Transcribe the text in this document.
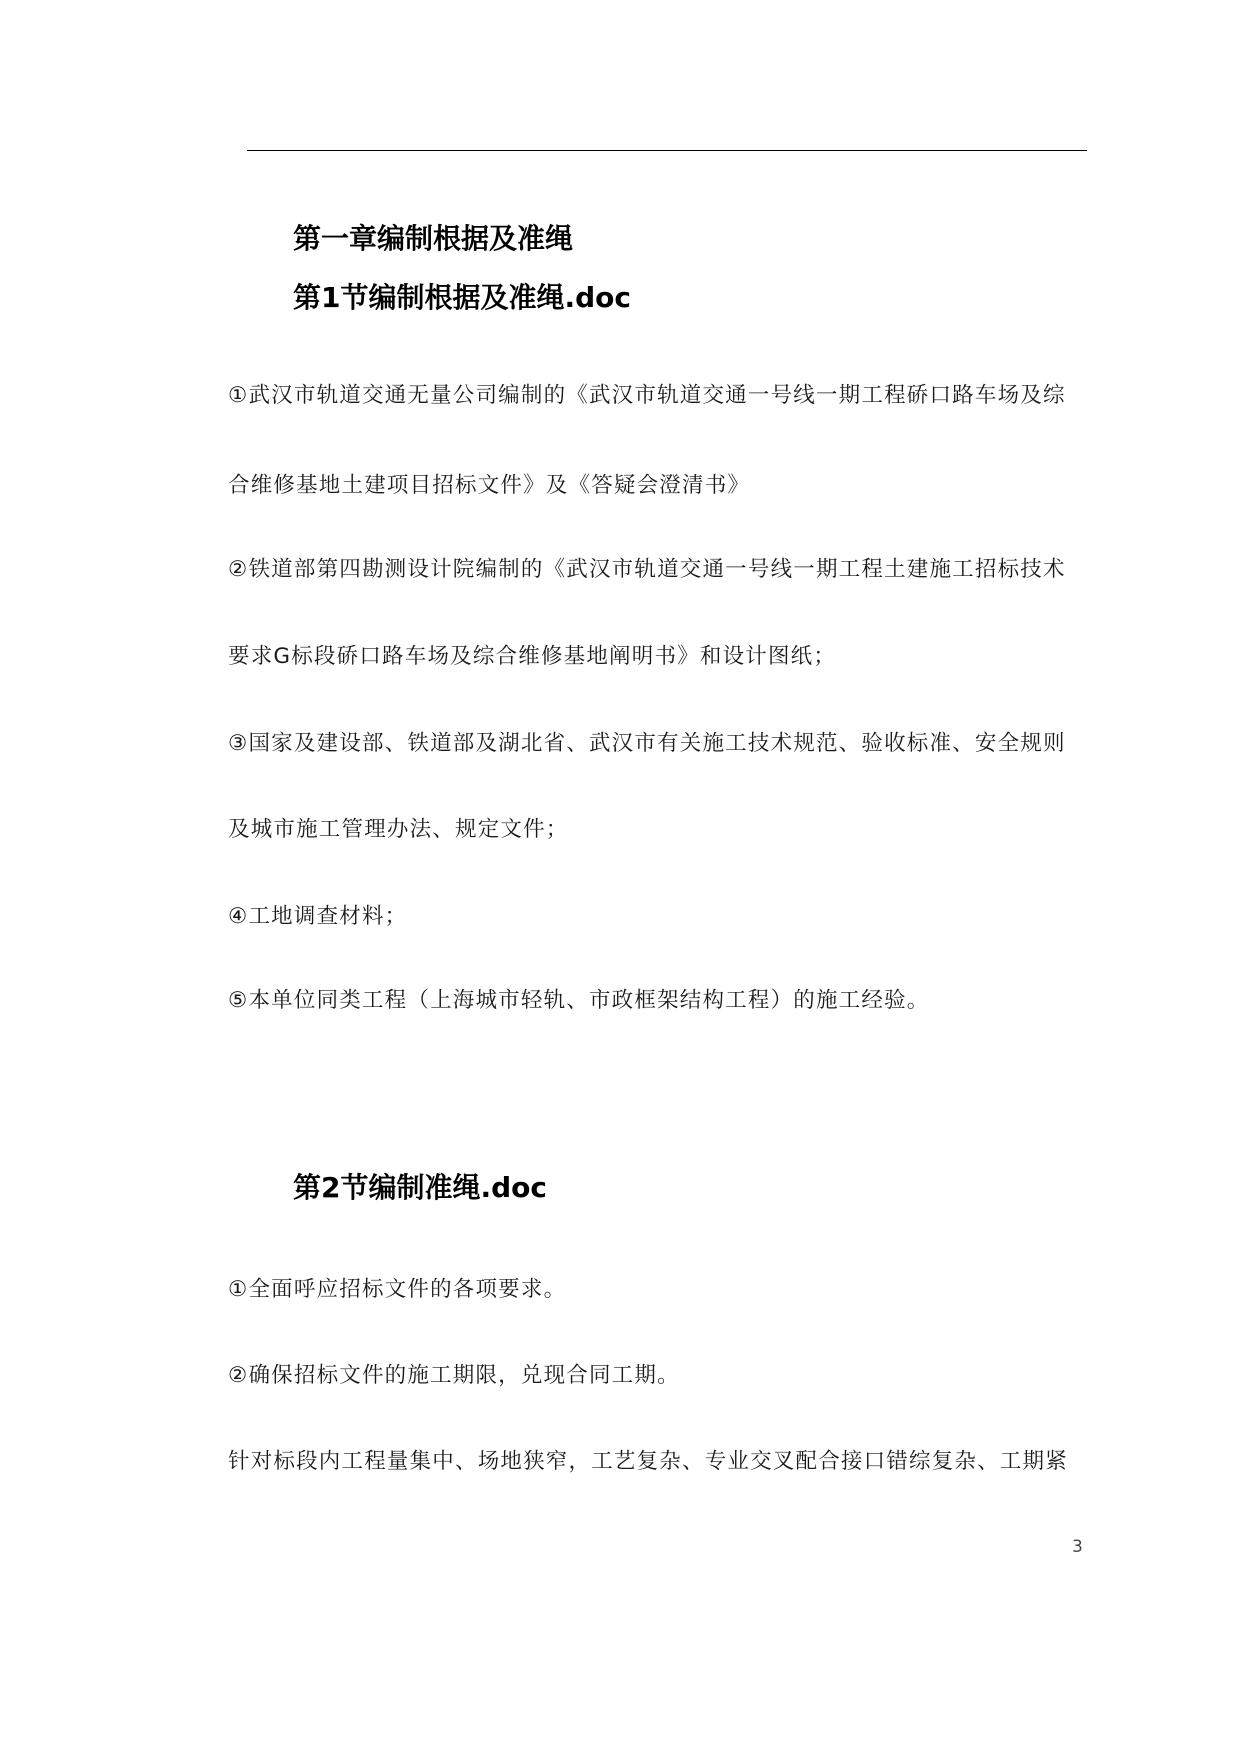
第一章编制根据及准绳
第1节编制根据及准绳.doc
①武汉市轨道交通无量公司编制的《武汉市轨道交通一号线一期工程硚口路车场及综
合维修基地土建项目招标文件》及《答疑会澄清书》
②铁道部第四勘测设计院编制的《武汉市轨道交通一号线一期工程土建施工招标技术
要求G标段硚口路车场及综合维修基地阐明书》和设计图纸；
③国家及建设部、铁道部及湖北省、武汉市有关施工技术规范、验收标准、安全规则
及城市施工管理办法、规定文件；
④工地调查材料；
⑤本单位同类工程（上海城市轻轨、市政框架结构工程）的施工经验。
第2节编制准绳.doc
①全面呼应招标文件的各项要求。
②确保招标文件的施工期限，兑现合同工期。
针对标段内工程量集中、场地狭窄，工艺复杂、专业交叉配合接口错综复杂、工期紧
3
